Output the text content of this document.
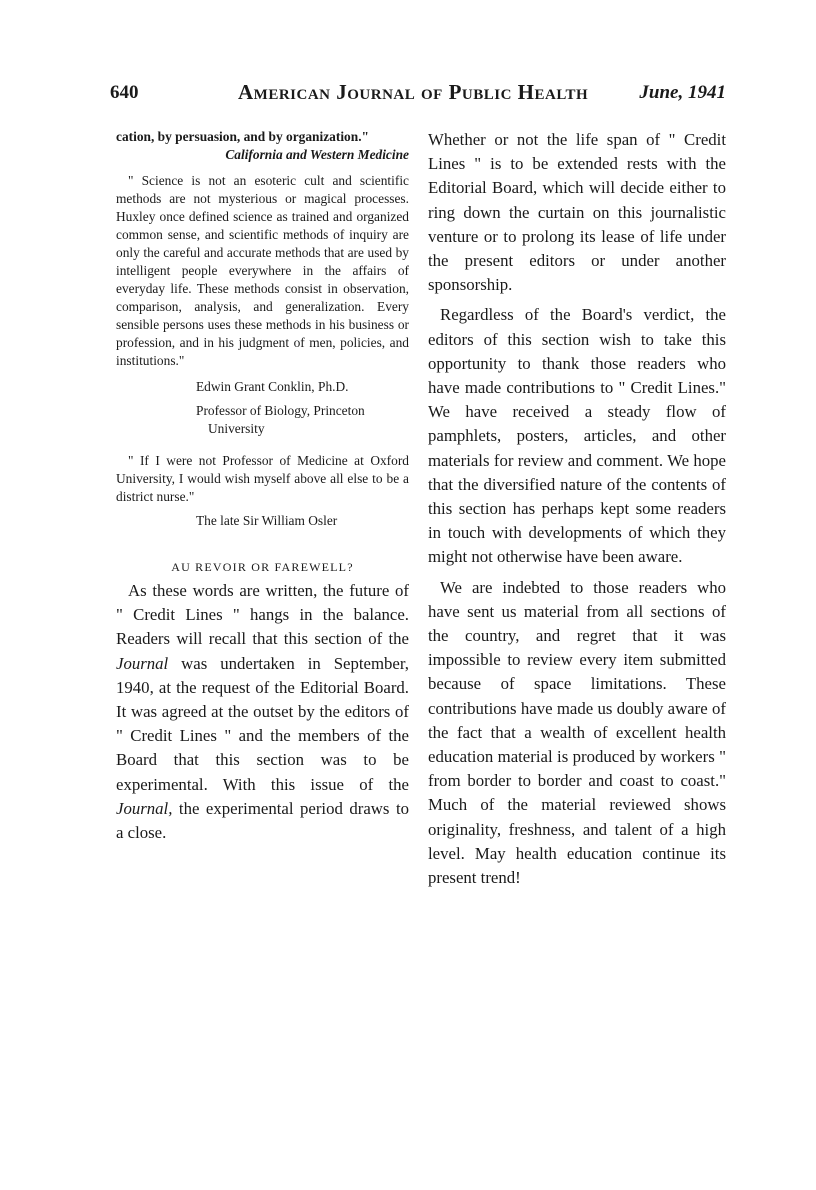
640	American Journal of Public Health	June, 1941

cation, by persuasion, and by organization."

California and Western Medicine

" Science is not an esoteric cult and scientific methods are not mysterious or magical processes. Huxley once defined science as trained and organized common sense, and scientific methods of inquiry are only the careful and accurate methods that are used by intelligent people everywhere in the affairs of everyday life. These methods consist in observation, comparison, analysis, and generalization. Every sensible persons uses these methods in his business or profession, and in his judgment of men, policies, and institutions."

Edwin Grant Conklin, Ph.D.
Professor of Biology, Princeton
University

" If I were not Professor of Medicine at Oxford University, I would wish myself above all else to be a district nurse."

The late Sir William Osler
AU REVOIR OR FAREWELL?

As these words are written, the future of " Credit Lines " hangs in the balance. Readers will recall that this section of the Journal was undertaken in September, 1940, at the request of the Editorial Board. It was agreed at the outset by the editors of " Credit Lines " and the members of the Board that this section was to be experimental. With this issue of the Journal, the experimental period draws to a close.

Whether or not the life span of " Credit Lines " is to be extended rests with the Editorial Board, which will decide either to ring down the curtain on this journalistic venture or to prolong its lease of life under the present editors or under another sponsorship.

Regardless of the Board's verdict, the editors of this section wish to take this opportunity to thank those readers who have made contributions to " Credit Lines." We have received a steady flow of pamphlets, posters, articles, and other materials for review and comment. We hope that the diversified nature of the contents of this section has perhaps kept some readers in touch with developments of which they might not otherwise have been aware.

We are indebted to those readers who have sent us material from all sections of the country, and regret that it was impossible to review every item submitted because of space limitations. These contributions have made us doubly aware of the fact that a wealth of excellent health education material is produced by workers " from border to border and coast to coast." Much of the material reviewed shows originality, freshness, and talent of a high level. May health education continue its present trend!
